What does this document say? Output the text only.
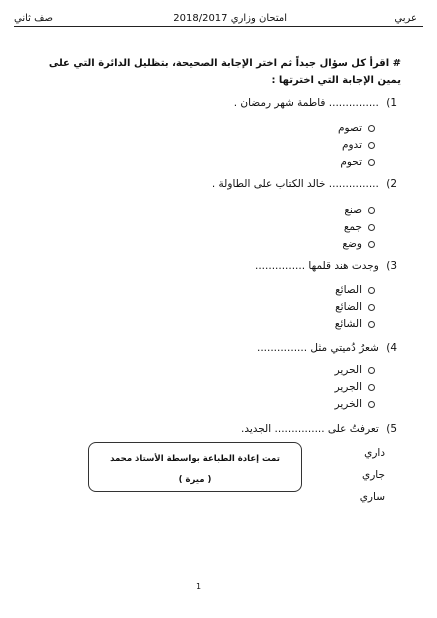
عربي
امتحان وزاري 2018/2017
صف ثاني
# اقرأ كل سؤال جيداً ثم اختر الإجابة الصحيحة، بتظليل الدائرة التي على يمين الإجابة التي اخترتها :
1) ............... فاطمة شهر رمضان .
تصوم
تدوم
تحوم
2) ............... خالد الكتاب على الطاولة .
صنع
جمع
وضع
3) وجدت هند قلمها ...............
الصائع
الضائع
الشائع
4) شعرُ دُميتي مثل ...............
الحرير
الجرير
الخرير
5) تعرفتُ على ............... الجديد.
داري
جاري
ساري
تمت إعادة الطباعة بواسطة الأستاذ محمد
( ميرة )
1
